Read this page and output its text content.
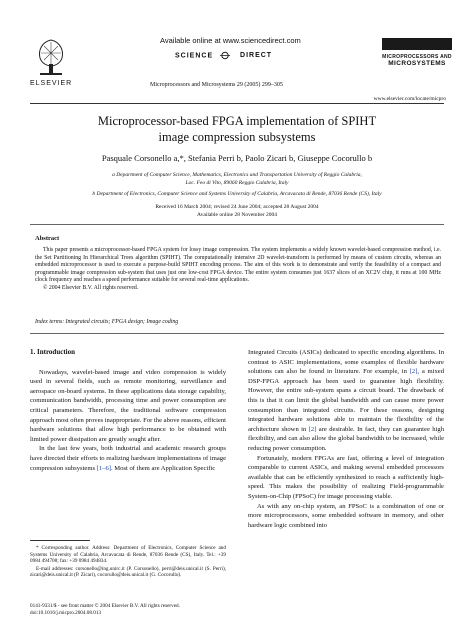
ELSEVIER
Available online at www.sciencedirect.com
SCIENCE	DIRECT
Microprocessors and Microsystems 29 (2005) 299–305
MICROPROCESSORS AND
MICROSYSTEMS
www.elsevier.com/locate/micpro
Microprocessor-based FPGA implementation of SPIHT
image compression subsystems
Pasquale Corsonello a,*, Stefania Perri b, Paolo Zicari b, Giuseppe Cocorullo b
a Department of Computer Science, Mathematics, Electronics and Transportation University of Reggio Calabria,
Loc. Feo di Vito, 89060 Reggio Calabria, Italy
b Department of Electronics, Computer Science and Systems University of Calabria, Arcavacata di Rende, 87036 Rende (CS), Italy
Received 16 March 2004; revised 24 June 2004; accepted 28 August 2004
Available online 28 November 2004
Abstract

This paper presents a microprocessor-based FPGA system for lossy image compression. The system implements a widely known wavelet-based compression method, i.e. the Set Partitioning In Hierarchical Trees algorithm (SPIHT). The computationally intensive 2D wavelet-transform is performed by means of custom circuits, whereas an embedded microprocessor is used to execute a purpose-build SPIHT encoding process. The aim of this work is to demonstrate and verify the feasibility of a compact and programmable image compression sub-system that uses just one low-cost FPGA device. The entire system consumes just 1637 slices of an XC2V chip, it runs at 100 MHz clock frequency and reaches a speed performance suitable for several real-time applications.

© 2004 Elsevier B.V. All rights reserved.

Index terms: Integrated circuits; FPGA design; Image coding
1. Introduction

Nowadays, wavelet-based image and video compression is widely used in several fields, such as remote monitoring, surveillance and aerospace on-board systems. In these applications data storage capability, communication bandwidth, processing time and power consumption are critical parameters. Therefore, the traditional software compression approach most often proves inappropriate. For the above reasons, efficient hardware solutions that allow high performance to be obtained with limited power dissipation are greatly sought after.

In the last few years, both industrial and academic research groups have directed their efforts to realizing hardware implementations of image compression subsystems [1–6]. Most of them are Application Specific

* Corresponding author. Address: Department of Electronics, Computer Science and Systems University of Calabria, Arcavacata di Rende, 87036 Rende (CS), Italy. Tel.: +39 0984 494708; fax: +39 0984 494834.

E-mail addresses: corsonello@ing.unirc.it (P. Corsonello), perri@deis.unical.it (S. Perri), zicari@deis.unical.it (P. Zicari), cocorullo@deis.unical.it (G. Cocorullo).

0141-9331/$ - see front matter © 2004 Elsevier B.V. All rights reserved.
doi:10.1016/j.micpro.2004.08.013

Integrated Circuits (ASICs) dedicated to specific encoding algorithms. In contrast to ASIC implementations, some examples of flexible hardware solutions can also be found in literature. For example, in [2], a mixed DSP-FPGA approach has been used to guarantee high flexibility. However, the entire sub-system spans a circuit board. The drawback of this is that it can limit the global bandwidth and can cause more power consumption than integrated circuits. For these reasons, designing integrated hardware solutions able to maintain the flexibility of the architecture shown in [2] are desirable. In fact, they can guarantee high flexibility, and can also allow the global bandwidth to be increased, while reducing power consumption.

Fortunately, modern FPGAs are fast, offering a level of integration comparable to current ASICs, and making several embedded processors available that can be efficiently synthesized to reach a sufficiently high-speed. This makes the possibility of realizing Field-programmable System-on-Chip (FPSoC) for image processing viable.

As with any on-chip system, an FPSoC is a combination of one or more microprocessors, some embedded software in memory, and other hardware logic combined into
